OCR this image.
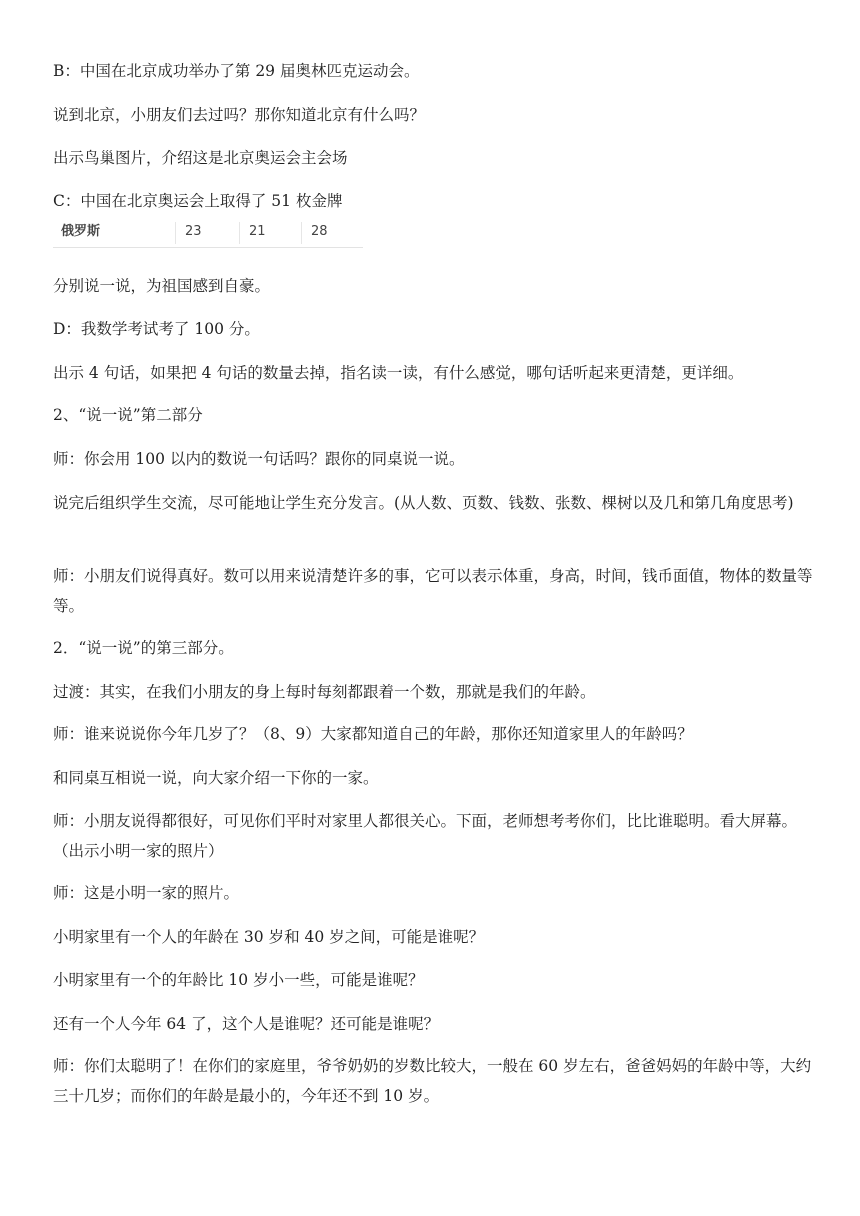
B：中国在北京成功举办了第 29 届奥林匹克运动会。

说到北京，小朋友们去过吗？那你知道北京有什么吗？

出示鸟巢图片，介绍这是北京奥运会主会场

C：中国在北京奥运会上取得了 51 枚金牌

俄罗斯	23	21	28

分别说一说，为祖国感到自豪。

D：我数学考试考了 100 分。

出示 4 句话，如果把 4 句话的数量去掉，指名读一读，有什么感觉，哪句话听起来更清楚，更详细。

2、“说一说”第二部分

师：你会用 100 以内的数说一句话吗？跟你的同桌说一说。

说完后组织学生交流，尽可能地让学生充分发言。(从人数、页数、钱数、张数、棵树以及几和第几角度思考)

师：小朋友们说得真好。数可以用来说清楚许多的事，它可以表示体重，身高，时间，钱币面值，物体的数量等等。

2．“说一说”的第三部分。

过渡：其实，在我们小朋友的身上每时每刻都跟着一个数，那就是我们的年龄。

师：谁来说说你今年几岁了？（8、9）大家都知道自己的年龄，那你还知道家里人的年龄吗？

和同桌互相说一说，向大家介绍一下你的一家。

师：小朋友说得都很好，可见你们平时对家里人都很关心。下面，老师想考考你们，比比谁聪明。看大屏幕。（出示小明一家的照片）

师：这是小明一家的照片。

小明家里有一个人的年龄在 30 岁和 40 岁之间，可能是谁呢？

小明家里有一个的年龄比 10 岁小一些，可能是谁呢？

还有一个人今年 64 了，这个人是谁呢？还可能是谁呢？

师：你们太聪明了！在你们的家庭里，爷爷奶奶的岁数比较大，一般在 60 岁左右，爸爸妈妈的年龄中等，大约三十几岁；而你们的年龄是最小的，今年还不到 10 岁。
